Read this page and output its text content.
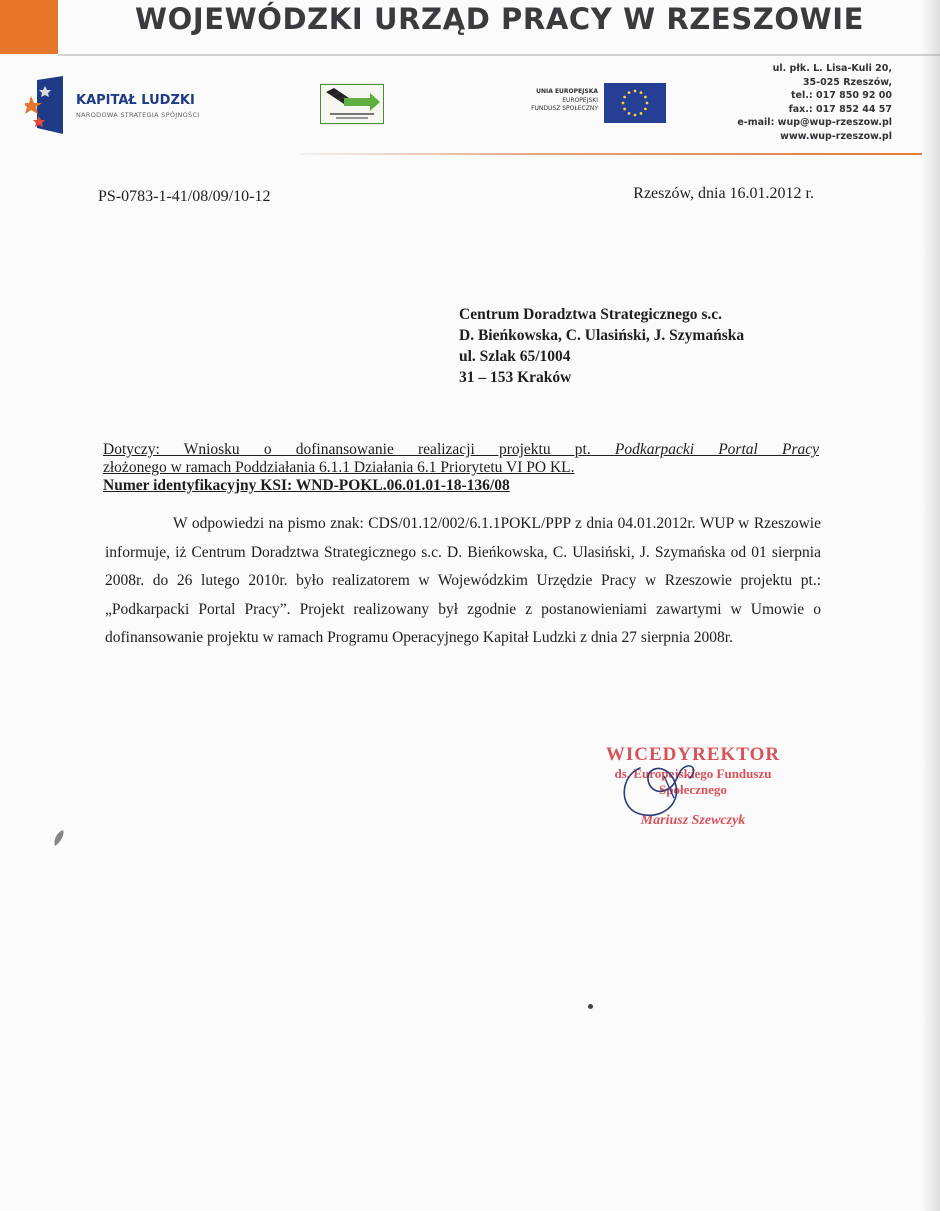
WOJEWÓDZKI URZĄD PRACY W RZESZOWIE
KAPITAŁ LUDZKI
NARODOWA STRATEGIA SPÓJNOŚCI
UNIA EUROPEJSKA
EUROPEJSKI
FUNDUSZ SPOŁECZNY
ul. płk. L. Lisa-Kuli 20,
35-025 Rzeszów,
tel.: 017 850 92 00
fax.: 017 852 44 57
e-mail: wup@wup-rzeszow.pl
www.wup-rzeszow.pl
PS-0783-1-41/08/09/10-12	Rzeszów, dnia 16.01.2012 r.
Centrum Doradztwa Strategicznego s.c.
D. Bieńkowska, C. Ulasiński, J. Szymańska
ul. Szlak 65/1004
31 – 153 Kraków
Dotyczy: Wniosku o dofinansowanie realizacji projektu pt. Podkarpacki Portal Pracy
złożonego w ramach Poddziałania 6.1.1 Działania 6.1 Priorytetu VI PO KL.
Numer identyfikacyjny KSI: WND-POKL.06.01.01-18-136/08
W odpowiedzi na pismo znak: CDS/01.12/002/6.1.1POKL/PPP z dnia 04.01.2012r. WUP w Rzeszowie informuje, iż Centrum Doradztwa Strategicznego s.c. D. Bieńkowska, C. Ulasiński, J. Szymańska od 01 sierpnia 2008r. do 26 lutego 2010r. było realizatorem w Wojewódzkim Urzędzie Pracy w Rzeszowie projektu pt.: „Podkarpacki Portal Pracy”. Projekt realizowany był zgodnie z postanowieniami zawartymi w Umowie o dofinansowanie projektu w ramach Programu Operacyjnego Kapitał Ludzki z dnia 27 sierpnia 2008r.
WICEDYREKTOR
ds. Europejskiego Funduszu
Społecznego
Mariusz Szewczyk
